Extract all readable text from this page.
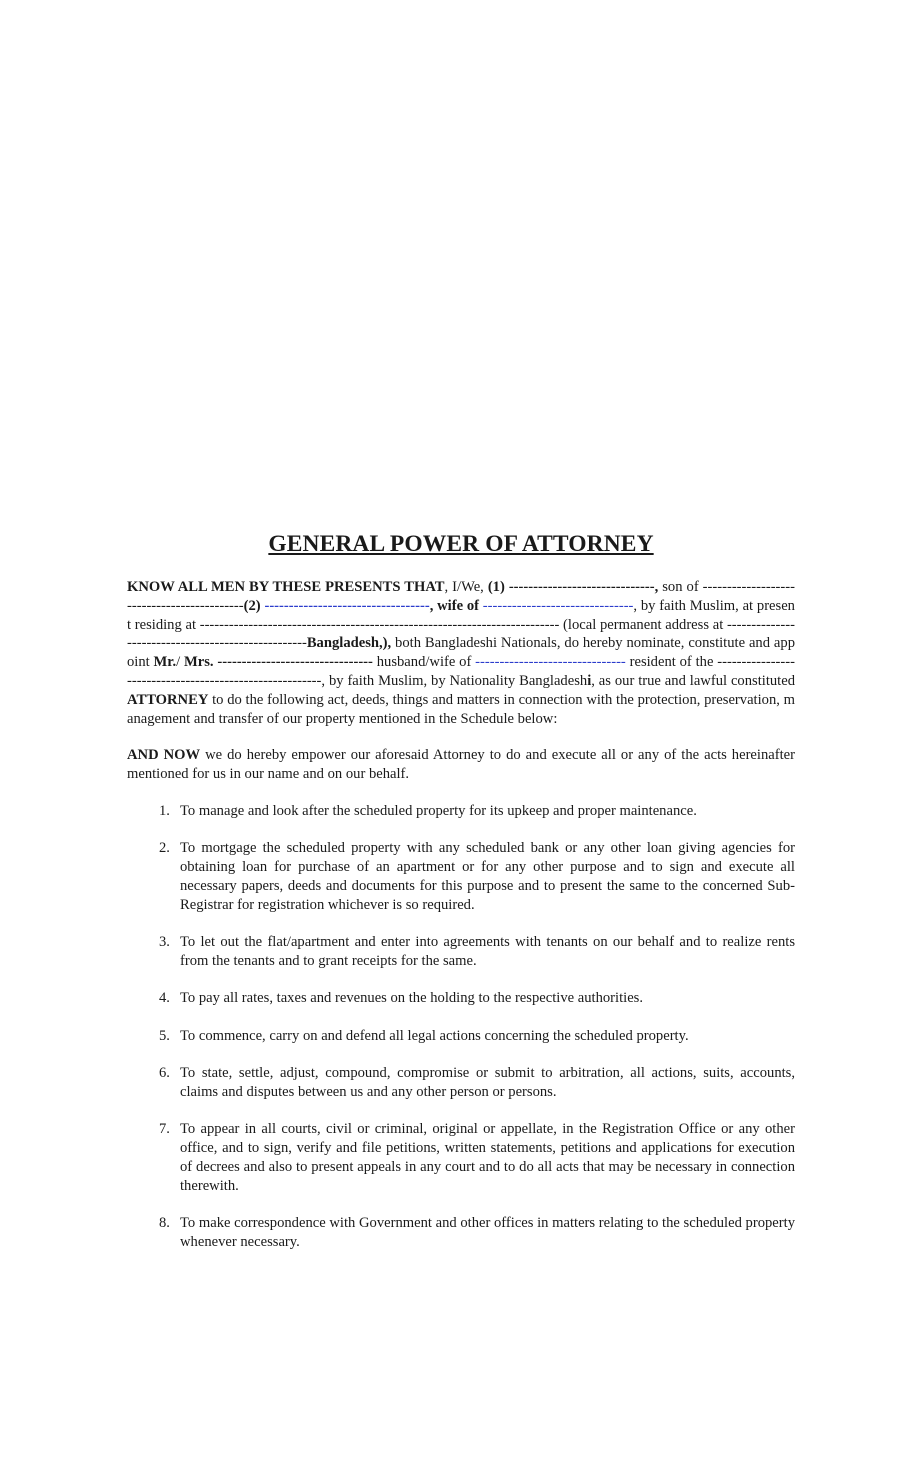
GENERAL POWER OF ATTORNEY

KNOW ALL MEN BY THESE PRESENTS THAT, I/We, (1) ------------------------------, son of -------------------------------------------(2) ----------------------------------, wife of -------------------------------, by faith Muslim, at present residing at -------------------------------------------------------------------------- (local permanent address at ---------------------------------------------------Bangladesh,), both Bangladeshi Nationals, do hereby nominate, constitute and appoint Mr./ Mrs. -------------------------------- husband/wife of ------------------------------- resident of the --------------------------------------------------------, by faith Muslim, by Nationality Bangladeshi, as our true and lawful constituted ATTORNEY to do the following act, deeds, things and matters in connection with the protection, preservation, management and transfer of our property mentioned in the Schedule below:

AND NOW we do hereby empower our aforesaid Attorney to do and execute all or any of the acts hereinafter mentioned for us in our name and on our behalf.

1. To manage and look after the scheduled property for its upkeep and proper maintenance.
2. To mortgage the scheduled property with any scheduled bank or any other loan giving agencies for obtaining loan for purchase of an apartment or for any other purpose and to sign and execute all necessary papers, deeds and documents for this purpose and to present the same to the concerned Sub-Registrar for registration whichever is so required.
3. To let out the flat/apartment and enter into agreements with tenants on our behalf and to realize rents from the tenants and to grant receipts for the same.
4. To pay all rates, taxes and revenues on the holding to the respective authorities.
5. To commence, carry on and defend all legal actions concerning the scheduled property.
6. To state, settle, adjust, compound, compromise or submit to arbitration, all actions, suits, accounts, claims and disputes between us and any other person or persons.
7. To appear in all courts, civil or criminal, original or appellate, in the Registration Office or any other office, and to sign, verify and file petitions, written statements, petitions and applications for execution of decrees and also to present appeals in any court and to do all acts that may be necessary in connection therewith.
8. To make correspondence with Government and other offices in matters relating to the scheduled property whenever necessary.
